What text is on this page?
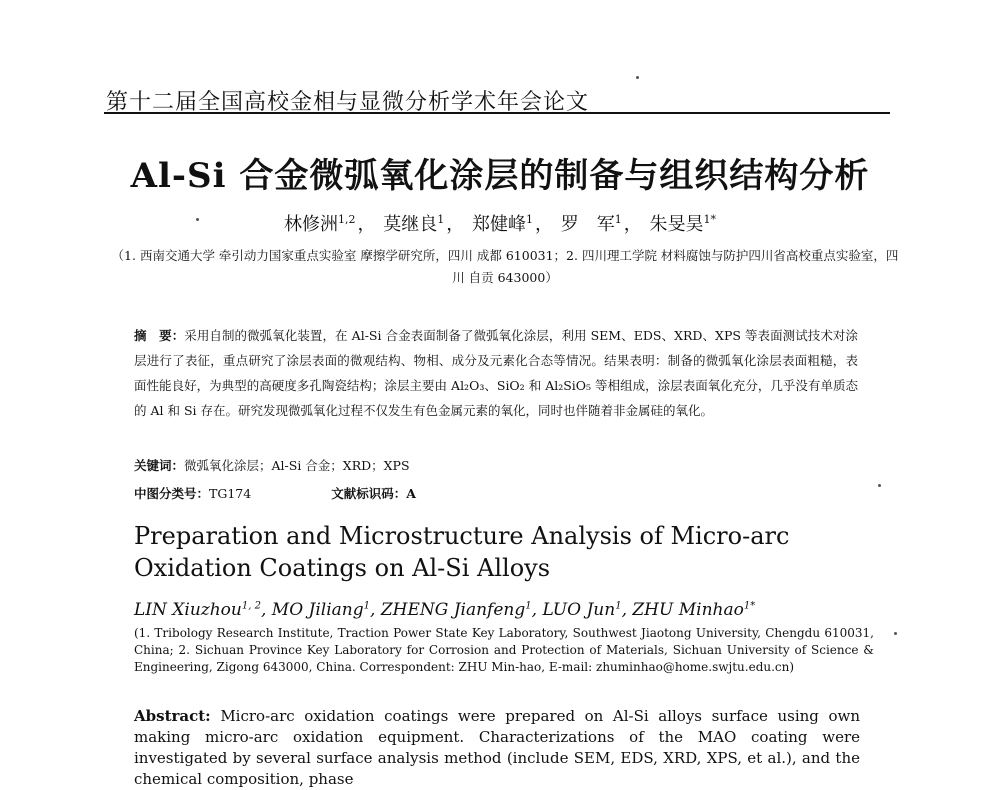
第十二届全国高校金相与显微分析学术年会论文
Al-Si 合金微弧氧化涂层的制备与组织结构分析
林修洲$^{1,2}$ ， 莫继良$^1$ ， 郑健峰$^1$ ， 罗　军$^1$ ， 朱旻昊$^{1*}$
（1. 西南交通大学 牵引动力国家重点实验室 摩擦学研究所，四川 成都 610031；2. 四川理工学院 材料腐蚀与防护四川省高校重点实验室，四川 自贡 643000）
摘　要：采用自制的微弧氧化装置，在 Al-Si 合金表面制备了微弧氧化涂层，利用 SEM、EDS、XRD、XPS 等表面测试技术对涂层进行了表征，重点研究了涂层表面的微观结构、物相、成分及元素化合态等情况。结果表明：制备的微弧氧化涂层表面粗糙，表面性能良好，为典型的高硬度多孔陶瓷结构；涂层主要由 Al₂O₃、SiO₂ 和 Al₂SiO₅ 等相组成，涂层表面氧化充分，几乎没有单质态的 Al 和 Si 存在。研究发现微弧氧化过程不仅发生有色金属元素的氧化，同时也伴随着非金属硅的氧化。
关键词：微弧氧化涂层；Al-Si 合金；XRD；XPS
中图分类号：TG174	文献标识码：A
Preparation and Microstructure Analysis of Micro-arc Oxidation Coatings on Al-Si Alloys
LIN Xiuzhou$^{1, 2}$, MO Jiliang$^1$, ZHENG Jianfeng$^1$, LUO Jun$^1$, ZHU Minhao$^{1*}$
(1. Tribology Research Institute, Traction Power State Key Laboratory, Southwest Jiaotong University, Chengdu 610031, China; 2. Sichuan Province Key Laboratory for Corrosion and Protection of Materials, Sichuan University of Science & Engineering, Zigong 643000, China. Correspondent: ZHU Min-hao, E-mail: zhuminhao@home.swjtu.edu.cn)
Abstract: Micro-arc oxidation coatings were prepared on Al-Si alloys surface using own making micro-arc oxidation equipment. Characterizations of the MAO coating were investigated by several surface analysis method (include SEM, EDS, XRD, XPS, et al.), and the chemical composition, phase
